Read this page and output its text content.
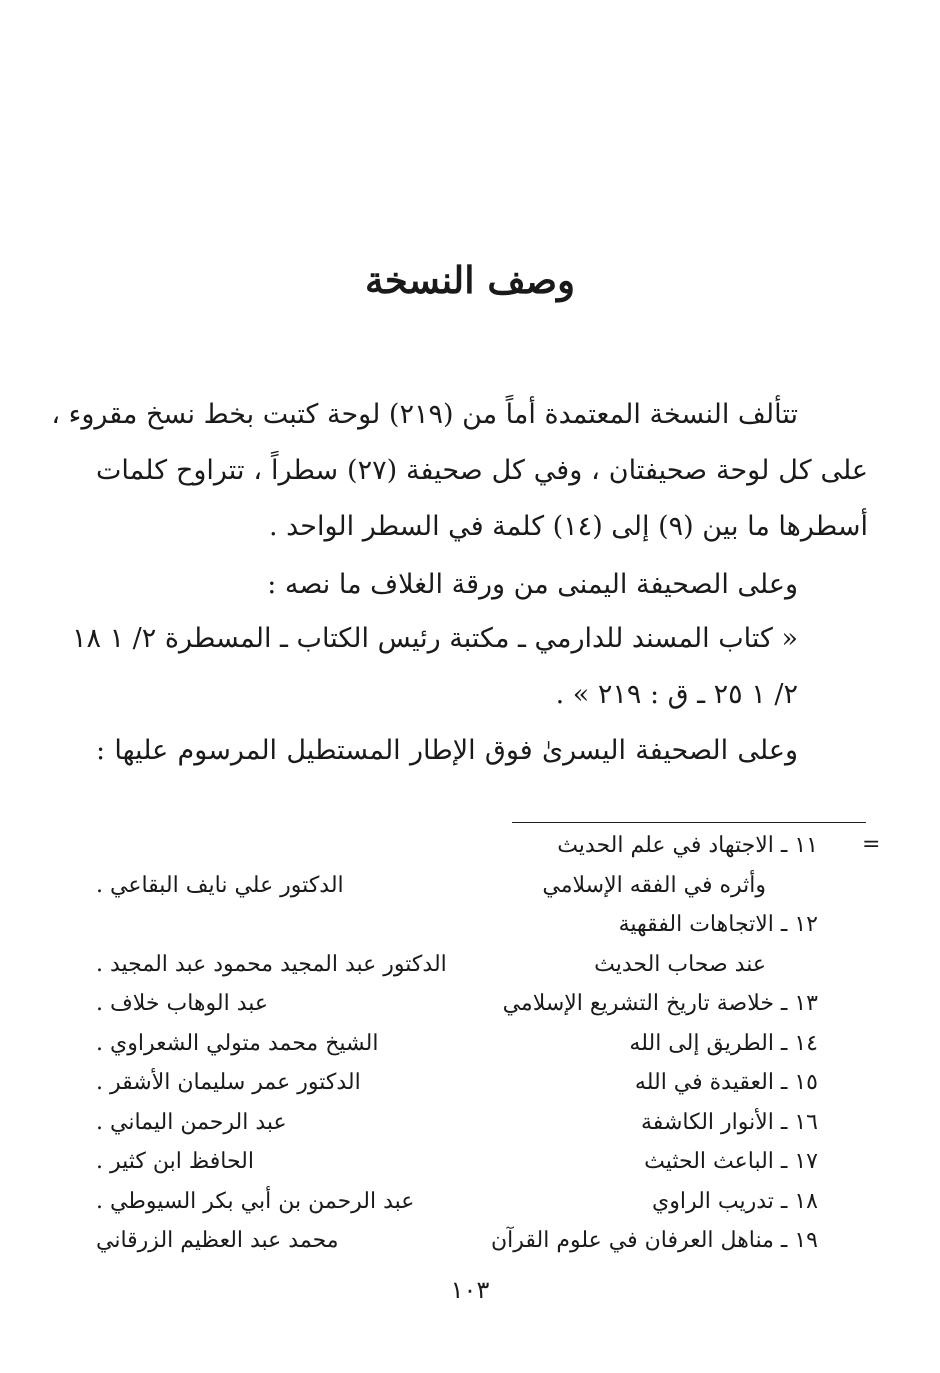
وصف النسخة
تتألف النسخة المعتمدة أماً من (٢١٩) لوحة كتبت بخط نسخ مقروء ،
على كل لوحة صحيفتان ، وفي كل صحيفة (٢٧) سطراً ، تتراوح كلمات
أسطرها ما بين (٩) إلى (١٤) كلمة في السطر الواحد .
وعلى الصحيفة اليمنى من ورقة الغلاف ما نصه :
« كتاب المسند للدارمي ـ مكتبة رئيس الكتاب ـ المسطرة ٢/ ١ ١٨
٢/ ١ ٢٥ ـ ق : ٢١٩ » .
وعلى الصحيفة اليسرىٰ فوق الإطار المستطيل المرسوم عليها :
=
١١ ـ الاجتهاد في علم الحديث
وأثره في الفقه الإسلامي
الدكتور علي نايف البقاعي .
١٢ ـ الاتجاهات الفقهية
عند صحاب الحديث
الدكتور عبد المجيد محمود عبد المجيد .
١٣ ـ خلاصة تاريخ التشريع الإسلامي
عبد الوهاب خلاف .
١٤ ـ الطريق إلى الله
الشيخ محمد متولي الشعراوي .
١٥ ـ العقيدة في الله
الدكتور عمر سليمان الأشقر .
١٦ ـ الأنوار الكاشفة
عبد الرحمن اليماني .
١٧ ـ الباعث الحثيث
الحافظ ابن كثير .
١٨ ـ تدريب الراوي
عبد الرحمن بن أبي بكر السيوطي .
١٩ ـ مناهل العرفان في علوم القرآن
محمد عبد العظيم الزرقاني
١٠٣
